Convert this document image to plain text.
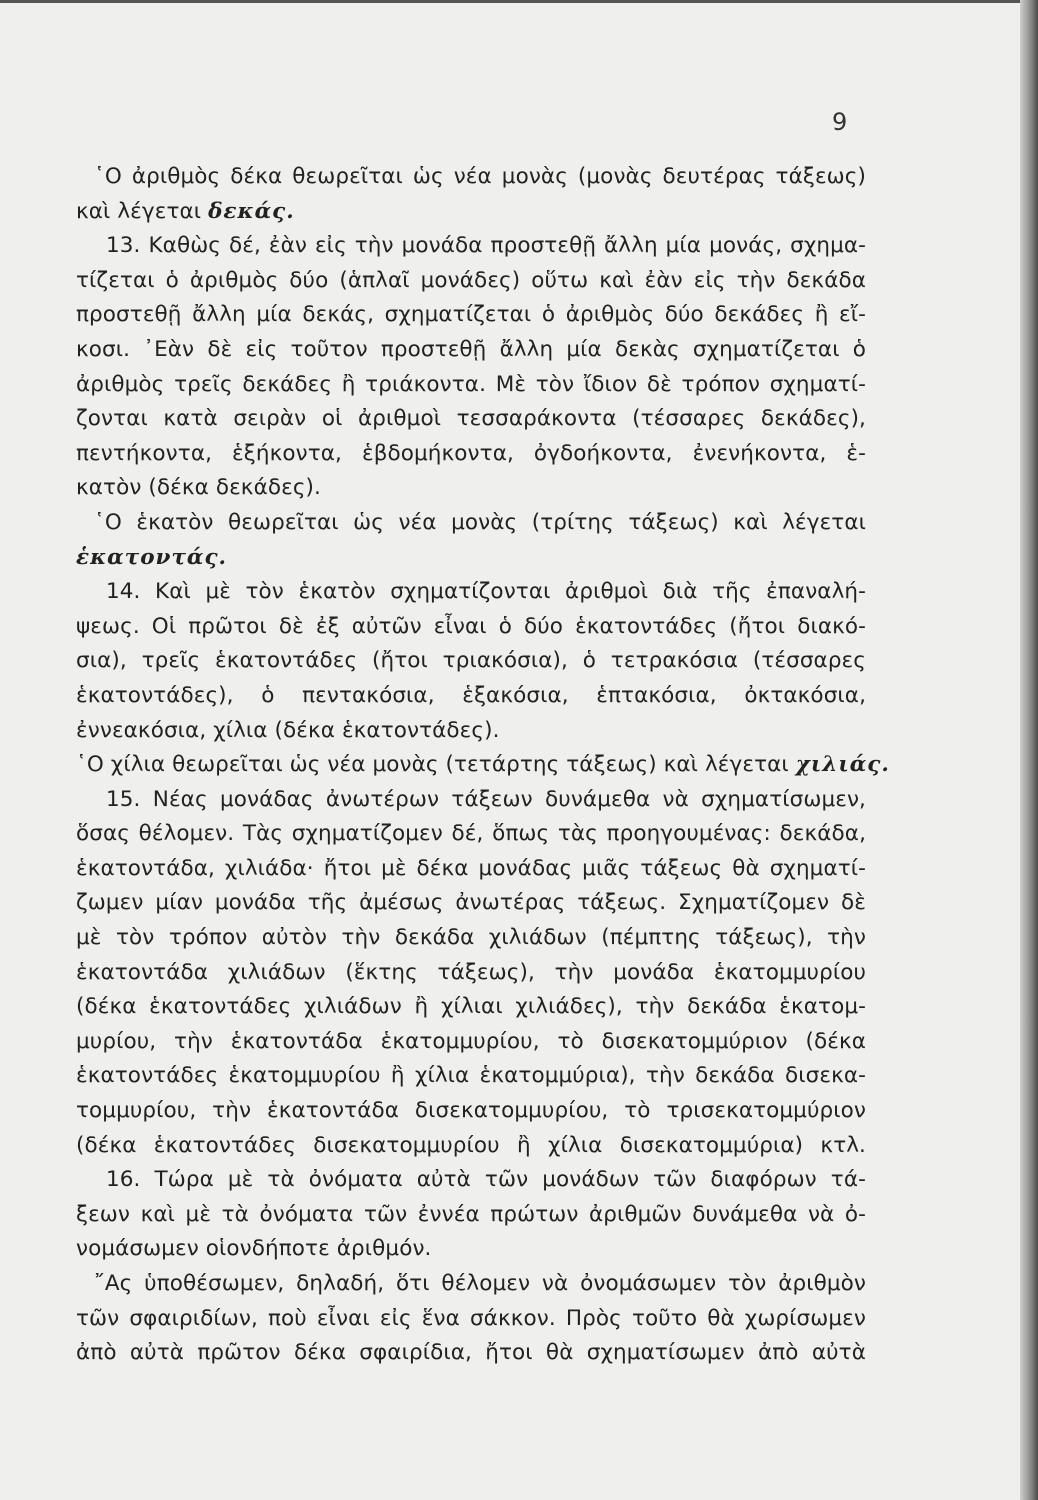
9
῾Ο ἀριθμὸς δέκα θεωρεῖται ὡς νέα μονὰς (μονὰς δευτέρας τάξεως)
καὶ λέγεται δεκάς.
13. Καθὼς δέ, ἐὰν εἰς τὴν μονάδα προστεθῇ ἄλλη μία μονάς, σχημα-
τίζεται ὁ ἀριθμὸς δύο (ἁπλαῖ μονάδες) οὕτω καὶ ἐὰν εἰς τὴν δεκάδα
προστεθῇ ἄλλη μία δεκάς, σχηματίζεται ὁ ἀριθμὸς δύο δεκάδες ἢ εἴ-
κοσι. ᾿Εὰν δὲ εἰς τοῦτον προστεθῇ ἄλλη μία δεκὰς σχηματίζεται ὁ
ἀριθμὸς τρεῖς δεκάδες ἢ τριάκοντα. Μὲ τὸν ἴδιον δὲ τρόπον σχηματί-
ζονται κατὰ σειρὰν οἱ ἀριθμοὶ τεσσαράκοντα (τέσσαρες δεκάδες),
πεντήκοντα, ἑξήκοντα, ἑβδομήκοντα, ὀγδοήκοντα, ἐνενήκοντα, ἑ-
κατὸν (δέκα δεκάδες).
῾Ο ἑκατὸν θεωρεῖται ὡς νέα μονὰς (τρίτης τάξεως) καὶ λέγεται
ἑκατοντάς.
14. Καὶ μὲ τὸν ἑκατὸν σχηματίζονται ἀριθμοὶ διὰ τῆς ἐπαναλή-
ψεως. Οἱ πρῶτοι δὲ ἐξ αὐτῶν εἶναι ὁ δύο ἑκατοντάδες (ἤτοι διακό-
σια), τρεῖς ἑκατοντάδες (ἤτοι τριακόσια), ὁ τετρακόσια (τέσσαρες
ἑκατοντάδες), ὁ πεντακόσια, ἑξακόσια, ἑπτακόσια, ὀκτακόσια,
ἐννεακόσια, χίλια (δέκα ἑκατοντάδες).
῾Ο χίλια θεωρεῖται ὡς νέα μονὰς (τετάρτης τάξεως) καὶ λέγεται χιλιάς.
15. Νέας μονάδας ἀνωτέρων τάξεων δυνάμεθα νὰ σχηματίσωμεν,
ὅσας θέλομεν. Τὰς σχηματίζομεν δέ, ὅπως τὰς προηγουμένας: δεκάδα,
ἑκατοντάδα, χιλιάδα· ἤτοι μὲ δέκα μονάδας μιᾶς τάξεως θὰ σχηματί-
ζωμεν μίαν μονάδα τῆς ἀμέσως ἀνωτέρας τάξεως. Σχηματίζομεν δὲ
μὲ τὸν τρόπον αὐτὸν τὴν δεκάδα χιλιάδων (πέμπτης τάξεως), τὴν
ἑκατοντάδα χιλιάδων (ἕκτης τάξεως), τὴν μονάδα ἑκατομμυρίου
(δέκα ἑκατοντάδες χιλιάδων ἢ χίλιαι χιλιάδες), τὴν δεκάδα ἑκατομ-
μυρίου, τὴν ἑκατοντάδα ἑκατομμυρίου, τὸ δισεκατομμύριον (δέκα
ἑκατοντάδες ἑκατομμυρίου ἢ χίλια ἑκατομμύρια), τὴν δεκάδα δισεκα-
τομμυρίου, τὴν ἑκατοντάδα δισεκατομμυρίου, τὸ τρισεκατομμύριον
(δέκα ἑκατοντάδες δισεκατομμυρίου ἢ χίλια δισεκατομμύρια) κτλ.
16. Τώρα μὲ τὰ ὀνόματα αὐτὰ τῶν μονάδων τῶν διαφόρων τά-
ξεων καὶ μὲ τὰ ὀνόματα τῶν ἐννέα πρώτων ἀριθμῶν δυνάμεθα νὰ ὀ-
νομάσωμεν οἱονδήποτε ἀριθμόν.
῎Ας ὑποθέσωμεν, δηλαδή, ὅτι θέλομεν νὰ ὀνομάσωμεν τὸν ἀριθμὸν
τῶν σφαιριδίων, ποὺ εἶναι εἰς ἕνα σάκκον. Πρὸς τοῦτο θὰ χωρίσωμεν
ἀπὸ αὐτὰ πρῶτον δέκα σφαιρίδια, ἤτοι θὰ σχηματίσωμεν ἀπὸ αὐτὰ
